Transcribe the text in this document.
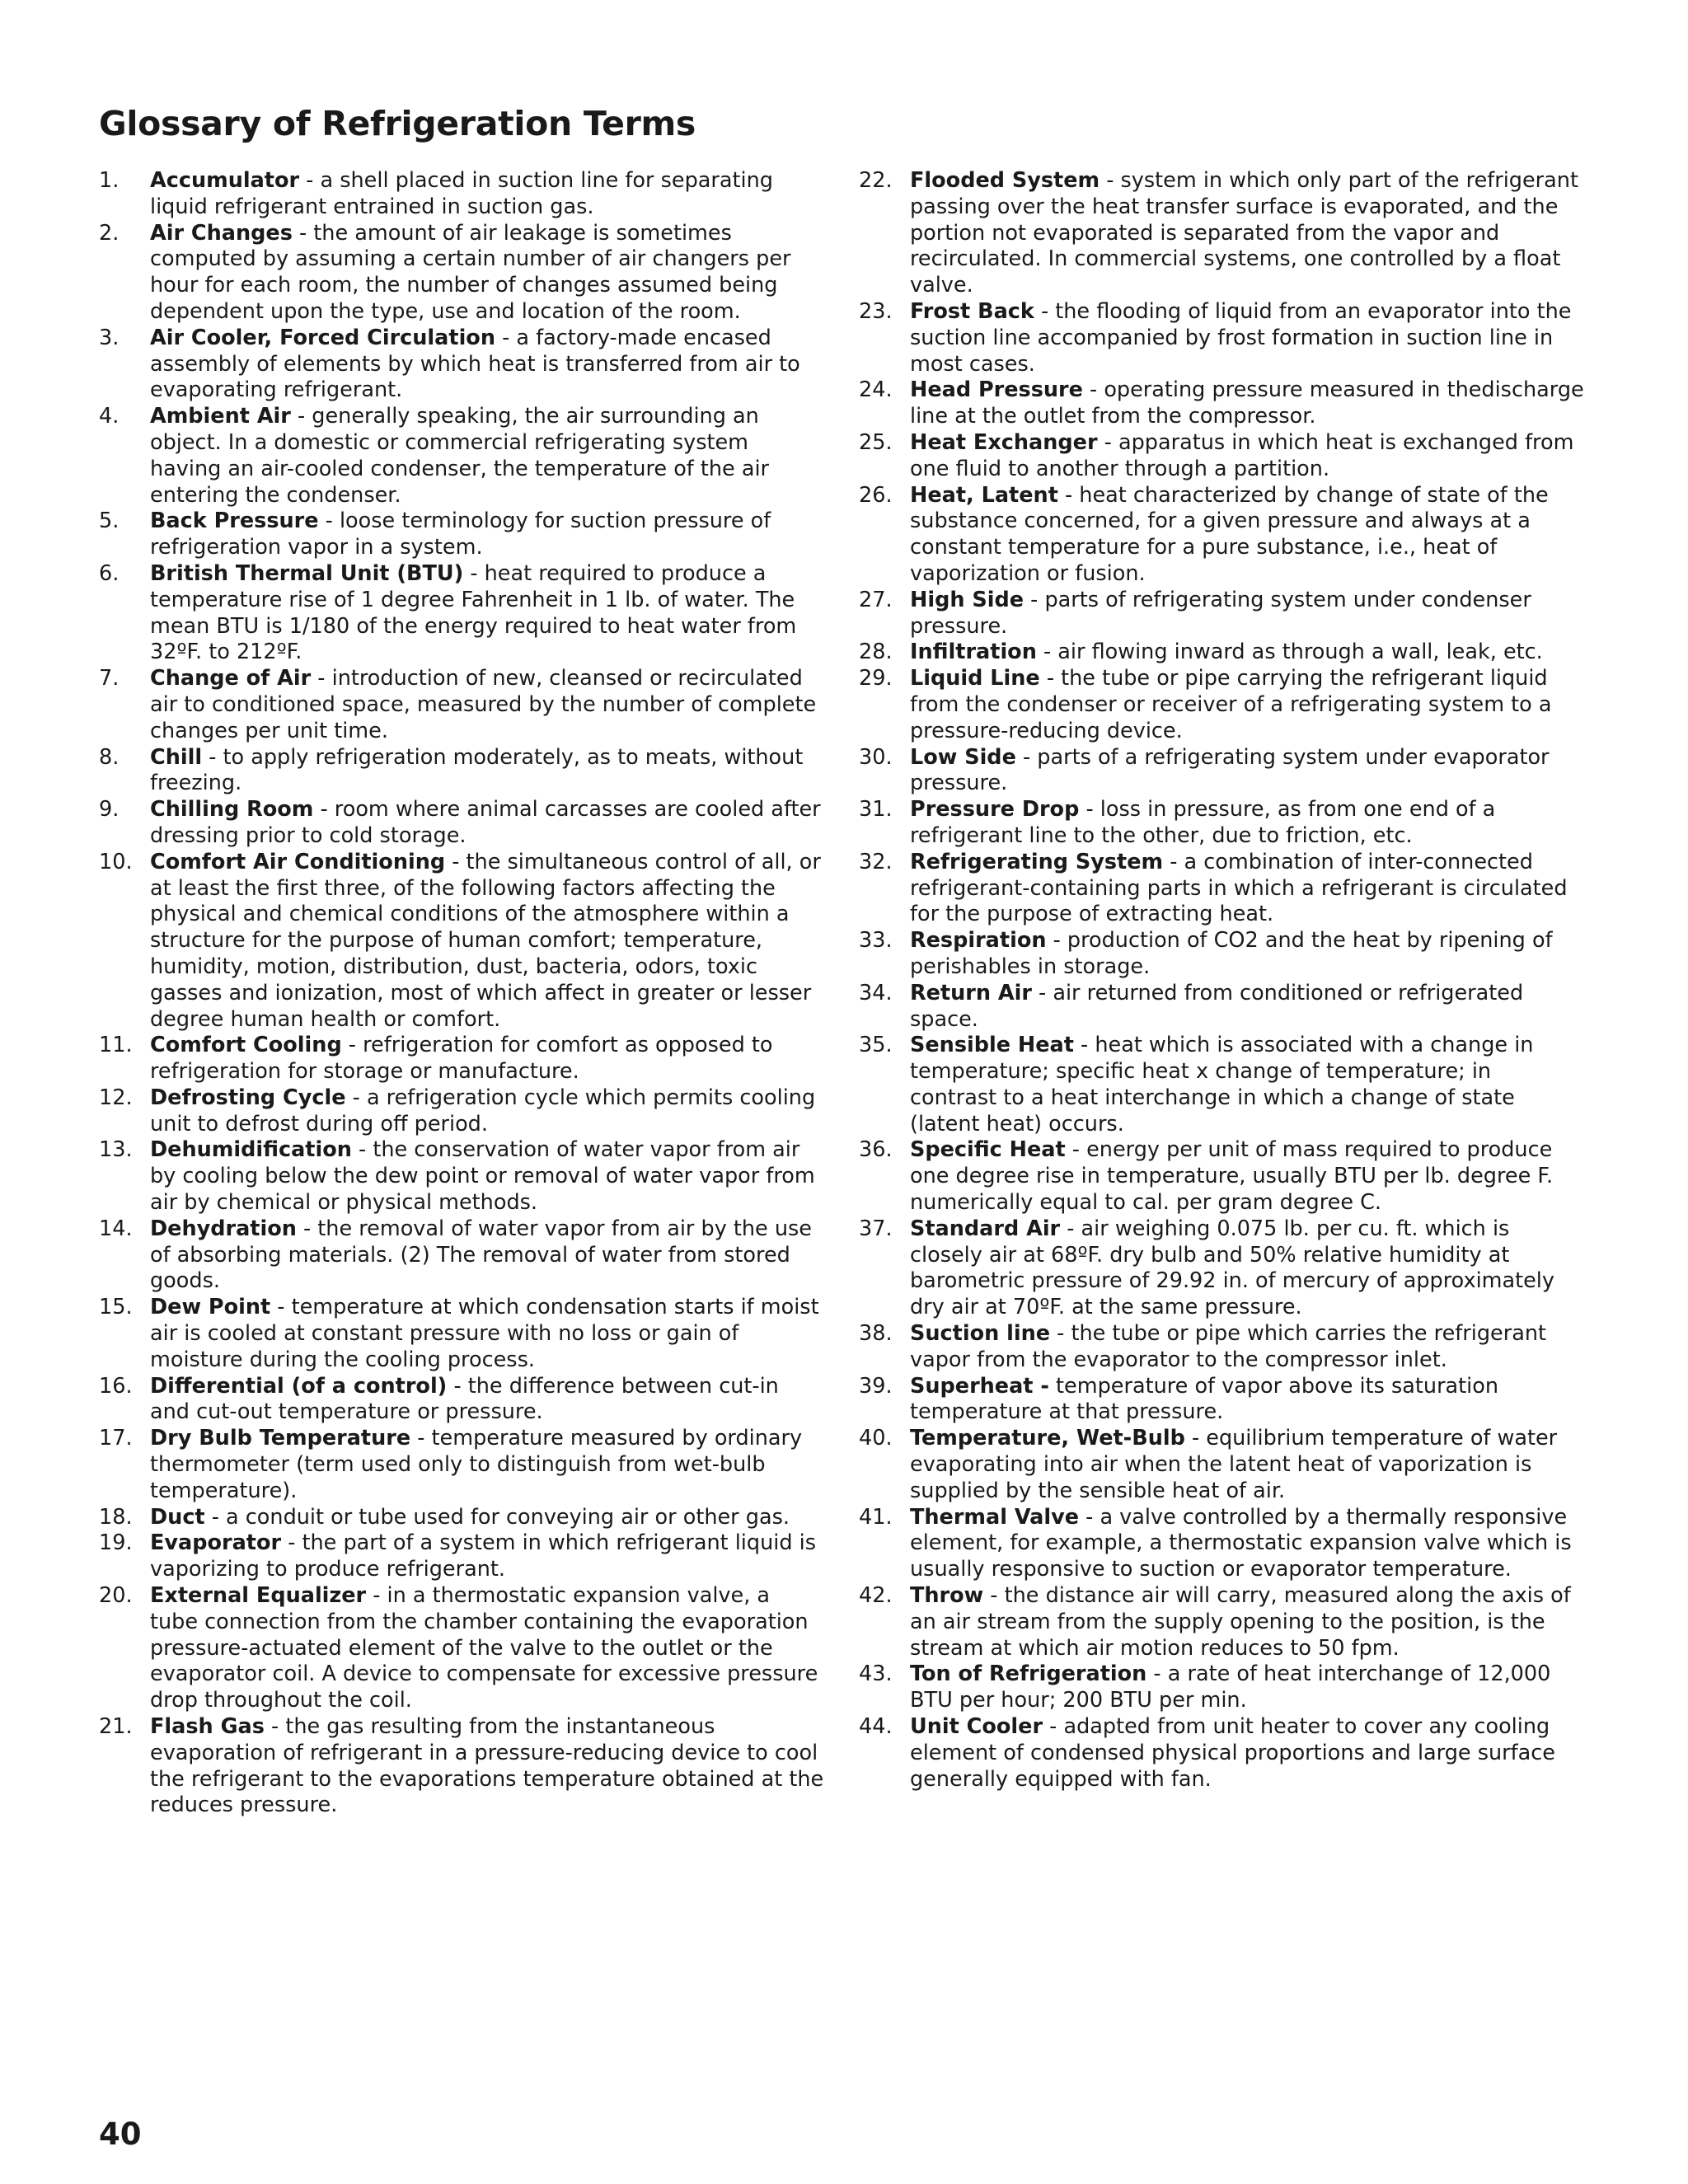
Glossary of Refrigeration Terms
1. Accumulator - a shell placed in suction line for separating liquid refrigerant entrained in suction gas.
2. Air Changes - the amount of air leakage is sometimes computed by assuming a certain number of air changers per hour for each room, the number of changes assumed being dependent upon the type, use and location of the room.
3. Air Cooler, Forced Circulation - a factory-made encased assembly of elements by which heat is transferred from air to evaporating refrigerant.
4. Ambient Air - generally speaking, the air surrounding an object. In a domestic or commercial refrigerating system having an air-cooled condenser, the temperature of the air entering the condenser.
5. Back Pressure - loose terminology for suction pressure of refrigeration vapor in a system.
6. British Thermal Unit (BTU) - heat required to produce a temperature rise of 1 degree Fahrenheit in 1 lb. of water. The mean BTU is 1/180 of the energy required to heat water from 32ºF. to 212ºF.
7. Change of Air - introduction of new, cleansed or recirculated air to conditioned space, measured by the number of complete changes per unit time.
8. Chill - to apply refrigeration moderately, as to meats, without freezing.
9. Chilling Room - room where animal carcasses are cooled after dressing prior to cold storage.
10. Comfort Air Conditioning - the simultaneous control of all, or at least the first three, of the following factors affecting the physical and chemical conditions of the atmosphere within a structure for the purpose of human comfort; temperature, humidity, motion, distribution, dust, bacteria, odors, toxic gasses and ionization, most of which affect in greater or lesser degree human health or comfort.
11. Comfort Cooling - refrigeration for comfort as opposed to refrigeration for storage or manufacture.
12. Defrosting Cycle - a refrigeration cycle which permits cooling unit to defrost during off period.
13. Dehumidification - the conservation of water vapor from air by cooling below the dew point or removal of water vapor from air by chemical or physical methods.
14. Dehydration - the removal of water vapor from air by the use of absorbing materials. (2) The removal of water from stored goods.
15. Dew Point - temperature at which condensation starts if moist air is cooled at constant pressure with no loss or gain of moisture during the cooling process.
16. Differential (of a control) - the difference between cut-in and cut-out temperature or pressure.
17. Dry Bulb Temperature - temperature measured by ordinary thermometer (term used only to distinguish from wet-bulb temperature).
18. Duct - a conduit or tube used for conveying air or other gas.
19. Evaporator - the part of a system in which refrigerant liquid is vaporizing to produce refrigerant.
20. External Equalizer - in a thermostatic expansion valve, a tube connection from the chamber containing the evaporation pressure-actuated element of the valve to the outlet or the evaporator coil. A device to compensate for excessive pressure drop throughout the coil.
21. Flash Gas - the gas resulting from the instantaneous evaporation of refrigerant in a pressure-reducing device to cool the refrigerant to the evaporations temperature obtained at the reduces pressure.
22. Flooded System - system in which only part of the refrigerant passing over the heat transfer surface is evaporated, and the portion not evaporated is separated from the vapor and recirculated. In commercial systems, one controlled by a float valve.
23. Frost Back - the flooding of liquid from an evaporator into the suction line accompanied by frost formation in suction line in most cases.
24. Head Pressure - operating pressure measured in thedischarge line at the outlet from the compressor.
25. Heat Exchanger - apparatus in which heat is exchanged from one fluid to another through a partition.
26. Heat, Latent - heat characterized by change of state of the substance concerned, for a given pressure and always at a constant temperature for a pure substance, i.e., heat of vaporization or fusion.
27. High Side - parts of refrigerating system under condenser pressure.
28. Infiltration - air flowing inward as through a wall, leak, etc.
29. Liquid Line - the tube or pipe carrying the refrigerant liquid from the condenser or receiver of a refrigerating system to a pressure-reducing device.
30. Low Side - parts of a refrigerating system under evaporator pressure.
31. Pressure Drop - loss in pressure, as from one end of a refrigerant line to the other, due to friction, etc.
32. Refrigerating System - a combination of inter-connected refrigerant-containing parts in which a refrigerant is circulated for the purpose of extracting heat.
33. Respiration - production of CO2 and the heat by ripening of perishables in storage.
34. Return Air - air returned from conditioned or refrigerated space.
35. Sensible Heat - heat which is associated with a change in temperature; specific heat x change of temperature; in contrast to a heat interchange in which a change of state (latent heat) occurs.
36. Specific Heat - energy per unit of mass required to produce one degree rise in temperature, usually BTU per lb. degree F. numerically equal to cal. per gram degree C.
37. Standard Air - air weighing 0.075 lb. per cu. ft. which is closely air at 68ºF. dry bulb and 50% relative humidity at barometric pressure of 29.92 in. of mercury of approximately dry air at 70ºF. at the same pressure.
38. Suction line - the tube or pipe which carries the refrigerant vapor from the evaporator to the compressor inlet.
39. Superheat - temperature of vapor above its saturation temperature at that pressure.
40. Temperature, Wet-Bulb - equilibrium temperature of water evaporating into air when the latent heat of vaporization is supplied by the sensible heat of air.
41. Thermal Valve - a valve controlled by a thermally responsive element, for example, a thermostatic expansion valve which is usually responsive to suction or evaporator temperature.
42. Throw - the distance air will carry, measured along the axis of an air stream from the supply opening to the position, is the stream at which air motion reduces to 50 fpm.
43. Ton of Refrigeration - a rate of heat interchange of 12,000 BTU per hour; 200 BTU per min.
44. Unit Cooler - adapted from unit heater to cover any cooling element of condensed physical proportions and large surface generally equipped with fan.
40
